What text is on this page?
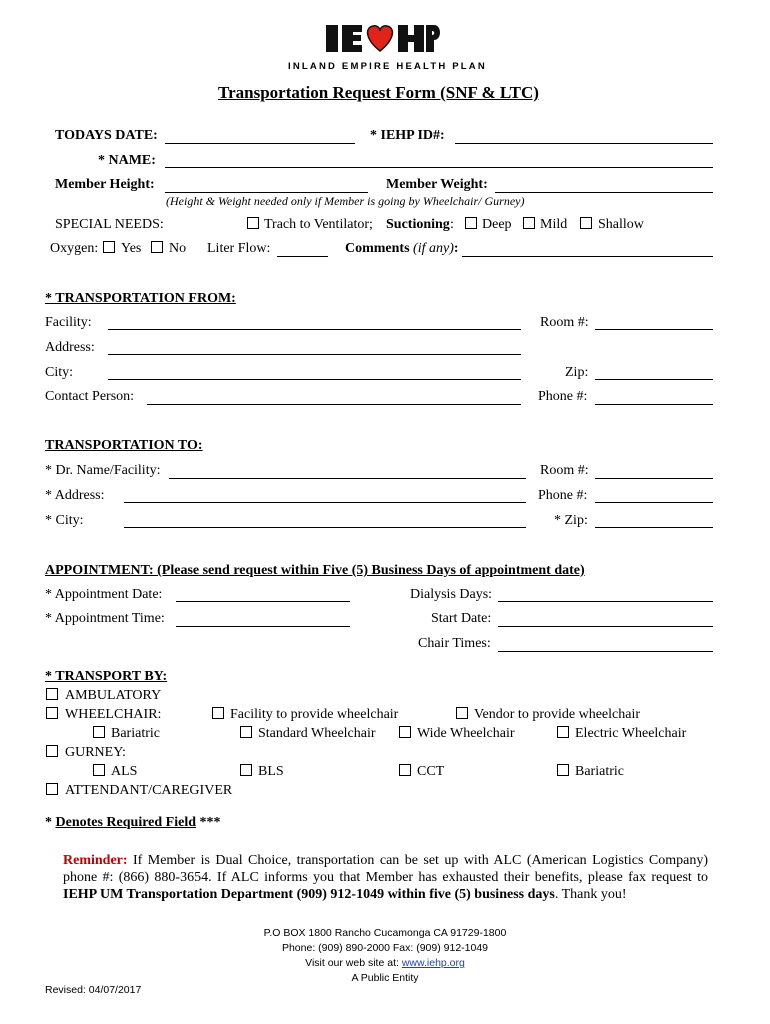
INLAND EMPIRE HEALTH PLAN
Transportation Request Form (SNF & LTC)
TODAYS DATE:	* IEHP ID#:
* NAME:
Member Height:	Member Weight:
(Height & Weight needed only if Member is going by Wheelchair/ Gurney)
SPECIAL NEEDS:	Trach to Ventilator; Suctioning : Deep Mild Shallow
Oxygen: Yes No Liter Flow:	Comments (if any):
* TRANSPORTATION FROM:
Facility:	Room #:
Address:
City:	Zip:
Contact Person:	Phone #:
TRANSPORTATION TO:
* Dr. Name/Facility:	Room #:
* Address:	Phone #:
* City:	* Zip:
APPOINTMENT: (Please send request within Five (5) Business Days of appointment date)
* Appointment Date:	Dialysis Days:
* Appointment Time:	Start Date:
Chair Times:
* TRANSPORT BY:
AMBULATORY
WHEELCHAIR:	Facility to provide wheelchair	Vendor to provide wheelchair
Bariatric	Standard Wheelchair	Wide Wheelchair	Electric Wheelchair
GURNEY:
ALS	BLS	CCT	Bariatric
ATTENDANT/CAREGIVER
* Denotes Required Field ***
Reminder: If Member is Dual Choice, transportation can be set up with ALC (American Logistics Company) phone #: (866) 880-3654. If ALC informs you that Member has exhausted their benefits, please fax request to IEHP UM Transportation Department (909) 912-1049 within five (5) business days. Thank you!
P.O BOX 1800 Rancho Cucamonga CA 91729-1800
Phone: (909) 890-2000 Fax: (909) 912-1049
Visit our web site at: www.iehp.org
A Public Entity
Revised: 04/07/2017
